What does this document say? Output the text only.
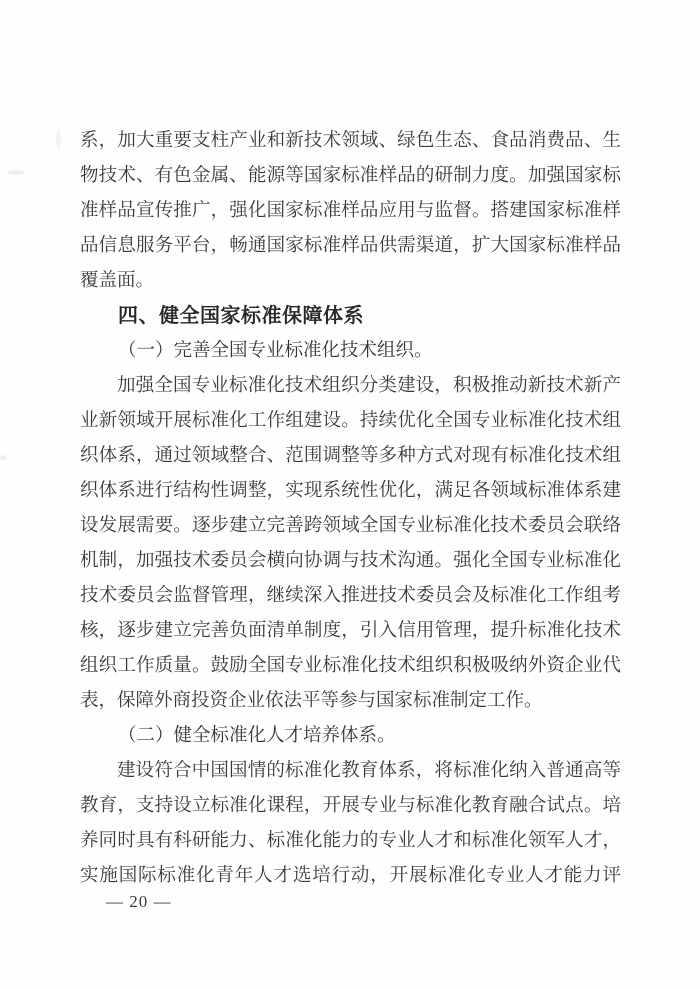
系，加大重要支柱产业和新技术领域、绿色生态、食品消费品、生
物技术、有色金属、能源等国家标准样品的研制力度。加强国家标
准样品宣传推广，强化国家标准样品应用与监督。搭建国家标准样
品信息服务平台，畅通国家标准样品供需渠道，扩大国家标准样品
覆盖面。
四、健全国家标准保障体系
（一）完善全国专业标准化技术组织。
加强全国专业标准化技术组织分类建设，积极推动新技术新产
业新领域开展标准化工作组建设。持续优化全国专业标准化技术组
织体系，通过领域整合、范围调整等多种方式对现有标准化技术组
织体系进行结构性调整，实现系统性优化，满足各领域标准体系建
设发展需要。逐步建立完善跨领域全国专业标准化技术委员会联络
机制，加强技术委员会横向协调与技术沟通。强化全国专业标准化
技术委员会监督管理，继续深入推进技术委员会及标准化工作组考
核，逐步建立完善负面清单制度，引入信用管理，提升标准化技术
组织工作质量。鼓励全国专业标准化技术组织积极吸纳外资企业代
表，保障外商投资企业依法平等参与国家标准制定工作。
（二）健全标准化人才培养体系。
建设符合中国国情的标准化教育体系，将标准化纳入普通高等
教育，支持设立标准化课程，开展专业与标准化教育融合试点。培
养同时具有科研能力、标准化能力的专业人才和标准化领军人才，
实施国际标准化青年人才选培行动，开展标准化专业人才能力评
— 20 —
